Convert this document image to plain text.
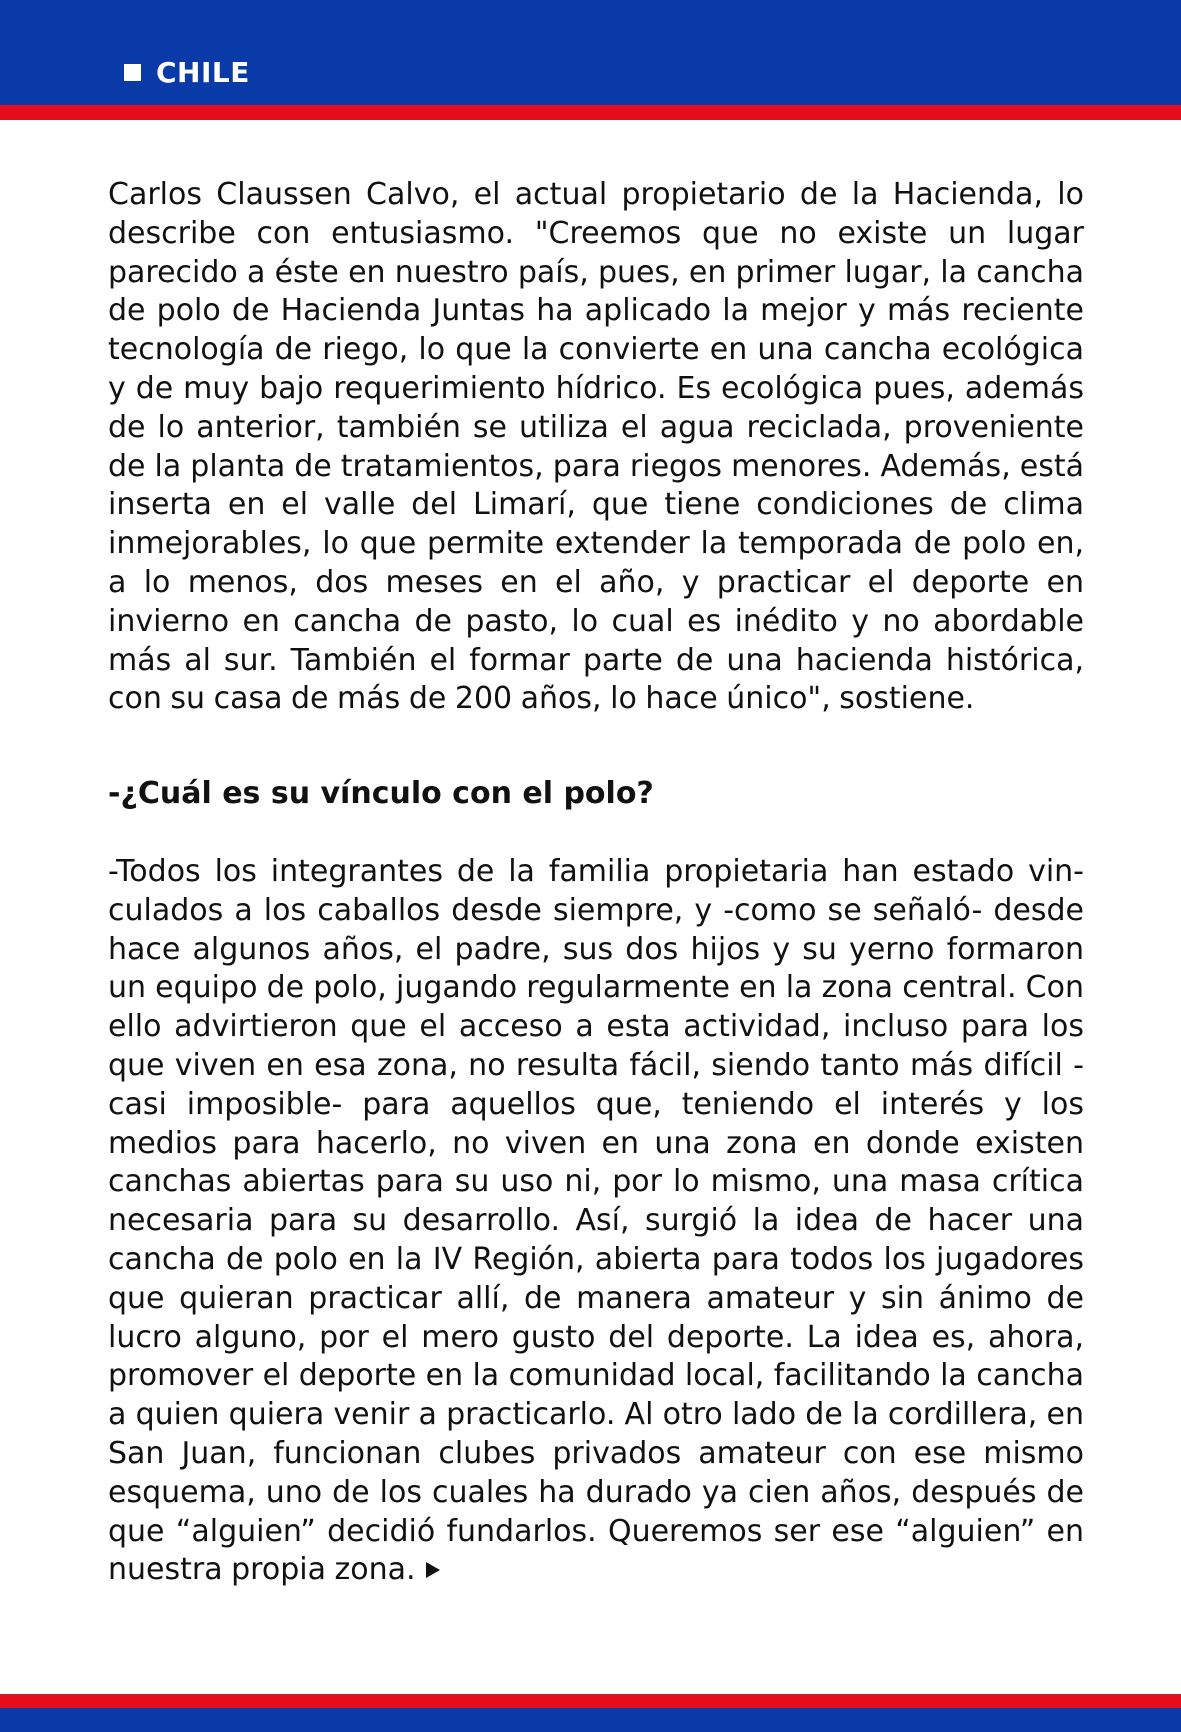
CHILE

Carlos Claussen Calvo, el actual propietario de la Hacienda, lo describe con entusiasmo. "Creemos que no existe un lugar parecido a éste en nuestro país, pues, en primer lugar, la cancha de polo de Hacienda Juntas ha aplicado la mejor y más reciente tecnología de riego, lo que la convierte en una cancha ecológica y de muy bajo requerimiento hídrico. Es ecológica pues, además de lo anterior, también se utiliza el agua reciclada, proveniente de la planta de tratamientos, para riegos menores. Además, está inserta en el valle del Limarí, que tiene condiciones de clima inmejorables, lo que permite extender la temporada de polo en, a lo menos, dos meses en el año, y practicar el deporte en invierno en cancha de pasto, lo cual es inédito y no abordable más al sur. También el formar parte de una hacienda histórica, con su casa de más de 200 años, lo hace único", sostiene.

-¿Cuál es su vínculo con el polo?

-Todos los integrantes de la familia propietaria han estado vinculados a los caballos desde siempre, y -como se señaló- desde hace algunos años, el padre, sus dos hijos y su yerno formaron un equipo de polo, jugando regularmente en la zona central. Con ello advirtieron que el acceso a esta actividad, incluso para los que viven en esa zona, no resulta fácil, siendo tanto más difícil -casi imposible- para aquellos que, teniendo el interés y los medios para hacerlo, no viven en una zona en donde existen canchas abiertas para su uso ni, por lo mismo, una masa crítica necesaria para su desarrollo. Así, surgió la idea de hacer una cancha de polo en la IV Región, abierta para todos los jugadores que quieran practicar allí, de manera amateur y sin ánimo de lucro alguno, por el mero gusto del deporte. La idea es, ahora, promover el deporte en la comunidad local, facilitando la cancha a quien quiera venir a practicarlo. Al otro lado de la cordillera, en San Juan, funcionan clubes privados amateur con ese mismo esquema, uno de los cuales ha durado ya cien años, después de que “alguien” decidió fundarlos. Queremos ser ese “alguien” en nuestra propia zona.
